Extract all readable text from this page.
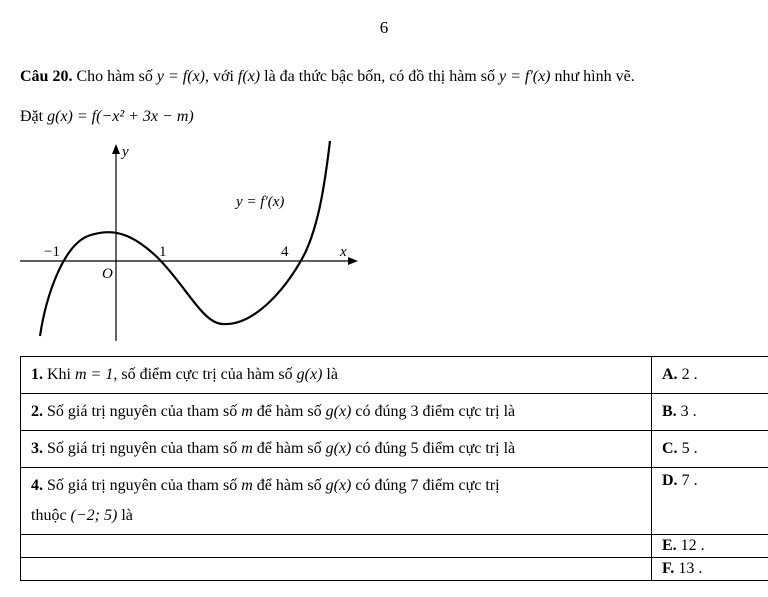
6
Câu 20. Cho hàm số y = f(x), với f(x) là đa thức bậc bốn, có đồ thị hàm số y = f'(x) như hình vẽ.
Đặt g(x) = f(−x² + 3x − m)
y
x
O
−1	1	4
y = f′(x)
1. Khi m = 1, số điểm cực trị của hàm số g(x) là	A. 2 .
2. Số giá trị nguyên của tham số m để hàm số g(x) có đúng 3 điểm cực trị là	B. 3 .
3. Số giá trị nguyên của tham số m để hàm số g(x) có đúng 5 điểm cực trị là	C. 5 .
4. Số giá trị nguyên của tham số m để hàm số g(x) có đúng 7 điểm cực trị
thuộc (−2; 5) là	D. 7 .
	E. 12 .
	F. 13 .
